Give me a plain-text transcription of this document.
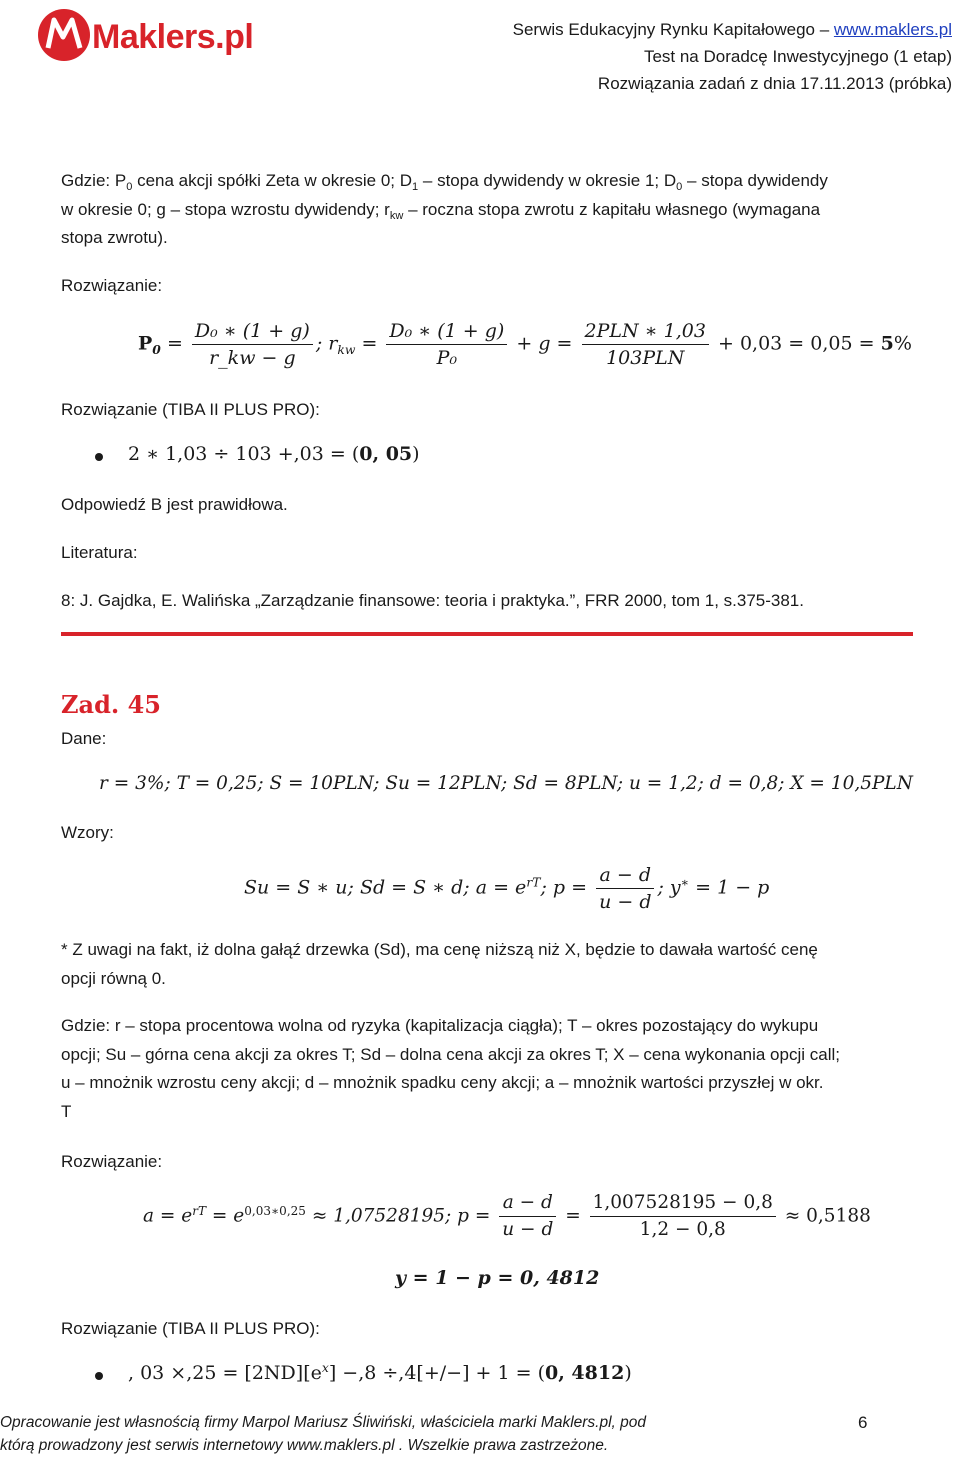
Maklers.pl	Serwis Edukacyjny Rynku Kapitałowego – www.maklers.pl
Test na Doradcę Inwestycyjnego (1 etap)
Rozwiązania zadań z dnia 17.11.2013 (próbka)
Gdzie: $P_0$ cena akcji spółki Zeta w okresie 0; $D_1$ – stopa dywidendy w okresie 1; $D_0$ – stopa dywidendy
w okresie 0; g – stopa wzrostu dywidendy; $r_{kw}$ – roczna stopa zwrotu z kapitału własnego (wymagana
stopa zwrotu).
Rozwiązanie:
$P_0 = \frac{\text{D₀ ∗ (1 + g)}}{r\_kw - g}$ ; $r_{kw} = \frac{\text{D₀ ∗ (1 + g)}}{\text{P₀}} + g$ =
2PLN ∗ 1,03
103PLN
+ 0,03 = 0,05 = 5%
Rozwiązanie (TIBA II PLUS PRO):
2 ∗ 1,03 ÷ 103 +,03 = (0, 05)
Odpowiedź B jest prawidłowa.
Literatura:
8: J. Gajdka, E. Walińska „Zarządzanie finansowe: teoria i praktyka.”, FRR 2000, tom 1, s.375-381.
Zad. 45
Dane:
r = 3%; T = 0,25; S = 10PLN; Su = 12PLN; Sd = 8PLN; u = 1,2; d = 0,8; X = 10,5PLN
Wzory:
Su = S ∗ u; Sd = S ∗ d; $a = e^{rT}$; $p = \frac{a - d}{u - d}$ ; y∗ = 1 − p
* Z uwagi na fakt, iż dolna gałąź drzewka (Sd), ma cenę niższą niż X, będzie to dawała wartość cenę
opcji równą 0.
Gdzie: r – stopa procentowa wolna od ryzyka (kapitalizacja ciągła); T – okres pozostający do wykupu
opcji; Su – górna cena akcji za okres T; Sd – dolna cena akcji za okres T; X – cena wykonania opcji call;
u – mnożnik wzrostu ceny akcji; d – mnożnik spadku ceny akcji; a – mnożnik wartości przyszłej w okr.
T
Rozwiązanie:
$a = e^{rT} = e^{0,03∗0,25} \approx 1,07528195$; $p = \frac{a - d}{u - d} = \frac{1,007528195 - 0,8}{1,2 - 0,8} \approx 0,5188$
y = 1 − p = 0, 4812
Rozwiązanie (TIBA II PLUS PRO):
, $03 \times,25 = [2ND][e^x] -,8 \div,4[+/-] + 1 = (0$, 4812)
Opracowanie jest własnością firmy Marpol Mariusz Śliwiński, właściciela marki Maklers.pl, pod
którą prowadzony jest serwis internetowy www.maklers.pl . Wszelkie prawa zastrzeżone.
6
